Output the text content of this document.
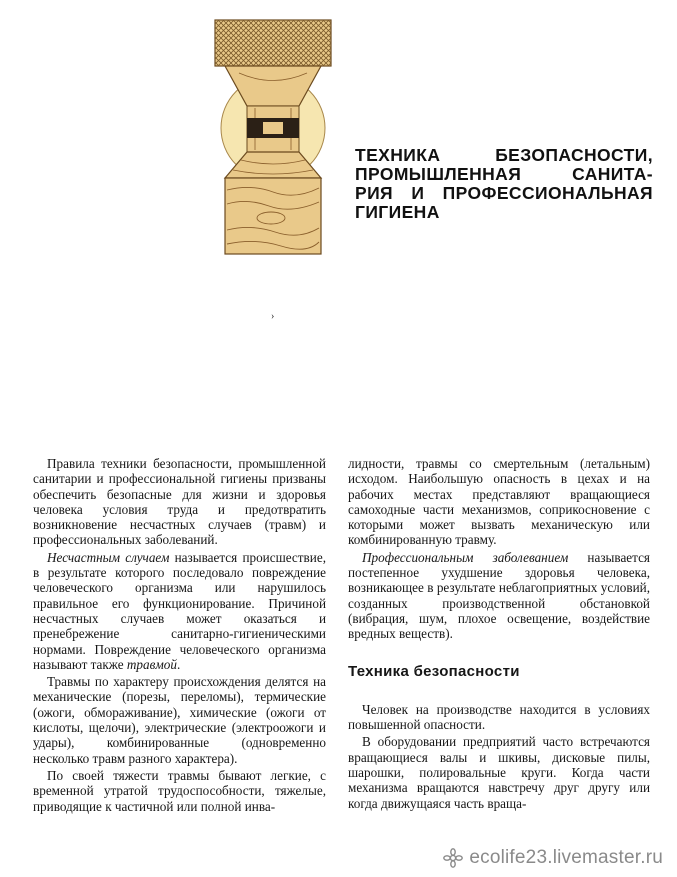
ТЕХНИКА БЕЗОПАСНОСТИ,
ПРОМЫШЛЕННАЯ САНИТА-
РИЯ И ПРОФЕССИОНАЛЬНАЯ
ГИГИЕНА
›

Правила техники безопасности, промышленной санитарии и профессиональной гигиены призваны обеспечить безопасные для жизни и здоровья человека условия труда и предотвратить возникновение несчастных случаев (травм) и профессиональных заболеваний.

Несчастным случаем называется происшествие, в результате которого последовало повреждение человеческого организма или нарушилось правильное его функционирование. Причиной несчастных случаев может оказаться и пренебрежение санитарно-гигиеническими нормами. Повреждение человеческого организма называют также травмой.

Травмы по характеру происхождения делятся на механические (порезы, переломы), термические (ожоги, обмораживание), химические (ожоги от кислоты, щелочи), электрические (электроожоги и удары), комбинированные (одновременно несколько травм разного характера).

По своей тяжести травмы бывают легкие, с временной утратой трудоспособности, тяжелые, приводящие к частичной или полной инва-

лидности, травмы со смертельным (летальным) исходом. Наибольшую опасность в цехах и на рабочих местах представляют вращающиеся самоходные части механизмов, соприкосновение с которыми может вызвать механическую или комбинированную травму.

Профессиональным заболеванием называется постепенное ухудшение здоровья человека, возникающее в результате неблагоприятных условий, созданных производственной обстановкой (вибрация, шум, плохое освещение, воздействие вредных веществ).

Техника безопасности

Человек на производстве находится в условиях повышенной опасности.

В оборудовании предприятий часто встречаются вращающиеся валы и шкивы, дисковые пилы, шарошки, полировальные круги. Когда части механизма вращаются навстречу друг другу или когда движущаяся часть враща-

ecolife23.livemaster.ru
